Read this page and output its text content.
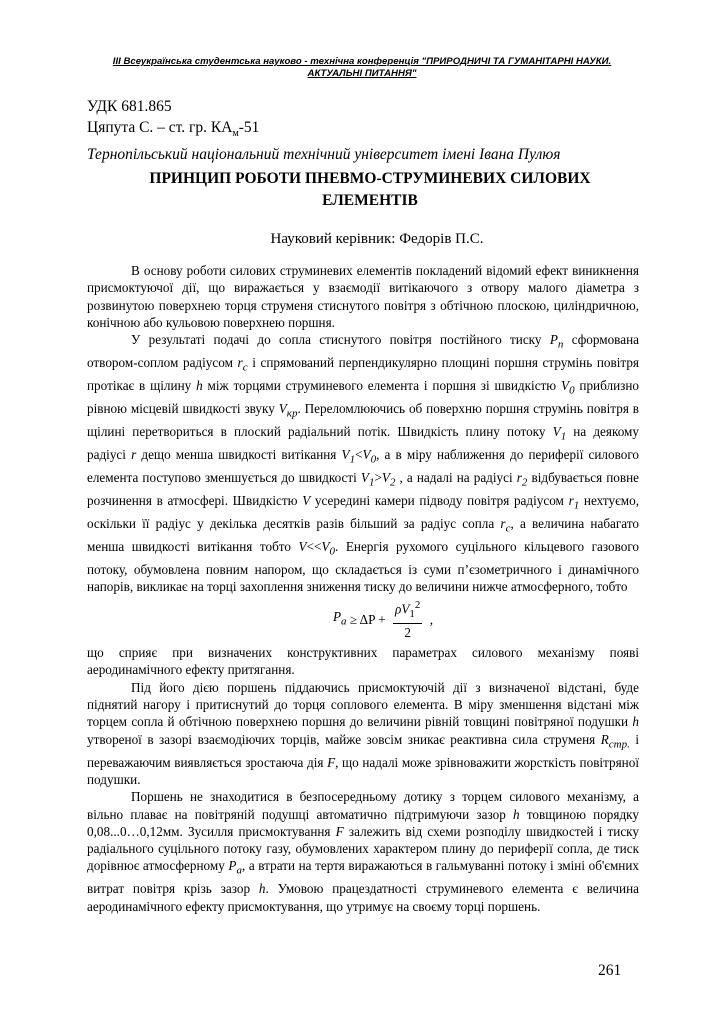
ІІІ Всеукраїнська студентська науково - технічна конференція "ПРИРОДНИЧІ ТА ГУМАНІТАРНІ НАУКИ.
АКТУАЛЬНІ ПИТАННЯ"
УДК 681.865
Цяпута С. – ст. гр. $КА_м-51$
Тернопільський національний технічний університет імені Івана Пулюя
ПРИНЦИП РОБОТИ ПНЕВМО-СТРУМИНЕВИХ СИЛОВИХ
ЕЛЕМЕНТІВ
Науковий керівник: Федорів П.С.

В основу роботи силових струминевих елементів покладений відомий ефект виникнення присмоктуючої дії, що виражається у взаємодії витікаючого з отвору малого діаметра з розвинутою поверхнею торця струменя стиснутого повітря з обтічною плоскою, циліндричною, конічною або кульовою поверхнею поршня.

У результаті подачі до сопла стиснутого повітря постійного тиску $P_n$ сформована отвором-соплом радіусом $r_c$ і спрямований перпендикулярно площині поршня струмінь повітря протікає в щілину h між торцями струминевого елемента і поршня зі швидкістю $V_0$ приблизно рівною місцевій швидкості звуку $V_{кр}$. Переломлюючись об поверхню поршня струмінь повітря в щілині перетвориться в плоский радіальний потік. Швидкість плину потоку $V_1$ на деякому радіусі r дещо менша швидкості витікання $V_1<V_0$, а в міру наближення до периферії силового елемента поступово зменшується до швидкості $V_1>V_2$ , а надалі на радіусі $r_2$ відбувається повне розчинення в атмосфері. Швидкістю V усередині камери підводу повітря радіусом $r_1$ нехтуємо, оскільки її радіус у декілька десятків разів більший за радіус сопла $r_c$, а величина набагато менша швидкості витікання тобто $V<<V_0$. Енергія рухомого суцільного кільцевого газового потоку, обумовлена повним напором, що складається із суми п’єзометричного і динамічного напорів, викликає на торці захоплення зниження тиску до величини нижче атмосферного, тобто

$P_a \ge \Delta P + \frac{\rho V_1^2}{2}$ ,

що сприяє при визначених конструктивних параметрах силового механізму появі аеродинамічного ефекту притягання.

Під його дією поршень піддаючись присмоктуючій дії з визначеної відстані, буде піднятий нагору і притиснутий до торця соплового елемента. В міру зменшення відстані між торцем сопла й обтічною поверхнею поршня до величини рівній товщині повітряної подушки h утвореної в зазорі взаємодіючих торців, майже зовсім зникає реактивна сила струменя $R_{стр.}$ і переважаючим виявляється зростаюча дія F, що надалі може зрівноважити жорсткість повітряної подушки.

Поршень не знаходитися в безпосередньому дотику з торцем силового механізму, а вільно плаває на повітряній подушці автоматично підтримуючи зазор h товщиною порядку 0,08...0…0,12мм. Зусилля присмоктування F залежить від схеми розподілу швидкостей і тиску радіального суцільного потоку газу, обумовлених характером плину до периферії сопла, де тиск дорівнює атмосферному $P_a$, а втрати на тертя виражаються в гальмуванні потоку і зміні об'ємних витрат повітря крізь зазор h. Умовою працездатності струминевого елемента є величина аеродинамічного ефекту присмоктування, що утримує на своєму торці поршень.

261
